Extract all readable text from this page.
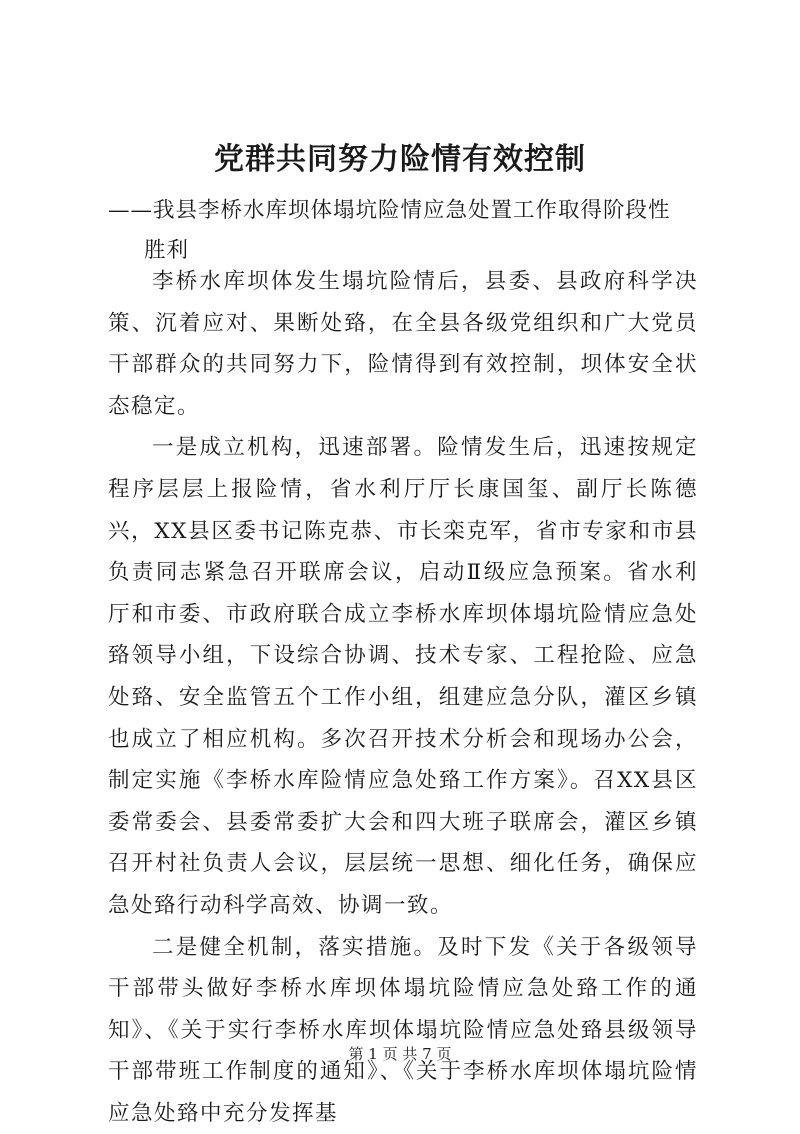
党群共同努力险情有效控制
——我县李桥水库坝体塌坑险情应急处置工作取得阶段性
胜利

李桥水库坝体发生塌坑险情后，县委、县政府科学决策、沉着应对、果断处臵，在全县各级党组织和广大党员干部群众的共同努力下，险情得到有效控制，坝体安全状态稳定。

一是成立机构，迅速部署。险情发生后，迅速按规定程序层层上报险情，省水利厅厅长康国玺、副厅长陈德兴，XX县区委书记陈克恭、市长栾克军，省市专家和市县负责同志紧急召开联席会议，启动Ⅱ级应急预案。省水利厅和市委、市政府联合成立李桥水库坝体塌坑险情应急处臵领导小组，下设综合协调、技术专家、工程抢险、应急处臵、安全监管五个工作小组，组建应急分队，灌区乡镇也成立了相应机构。多次召开技术分析会和现场办公会，制定实施《李桥水库险情应急处臵工作方案》。召XX县区委常委会、县委常委扩大会和四大班子联席会，灌区乡镇召开村社负责人会议，层层统一思想、细化任务，确保应急处臵行动科学高效、协调一致。

二是健全机制，落实措施。及时下发《关于各级领导干部带头做好李桥水库坝体塌坑险情应急处臵工作的通知》、《关于实行李桥水库坝体塌坑险情应急处臵县级领导干部带班工作制度的通知》、《关于李桥水库坝体塌坑险情应急处臵中充分发挥基

第 1 页 共 7 页
